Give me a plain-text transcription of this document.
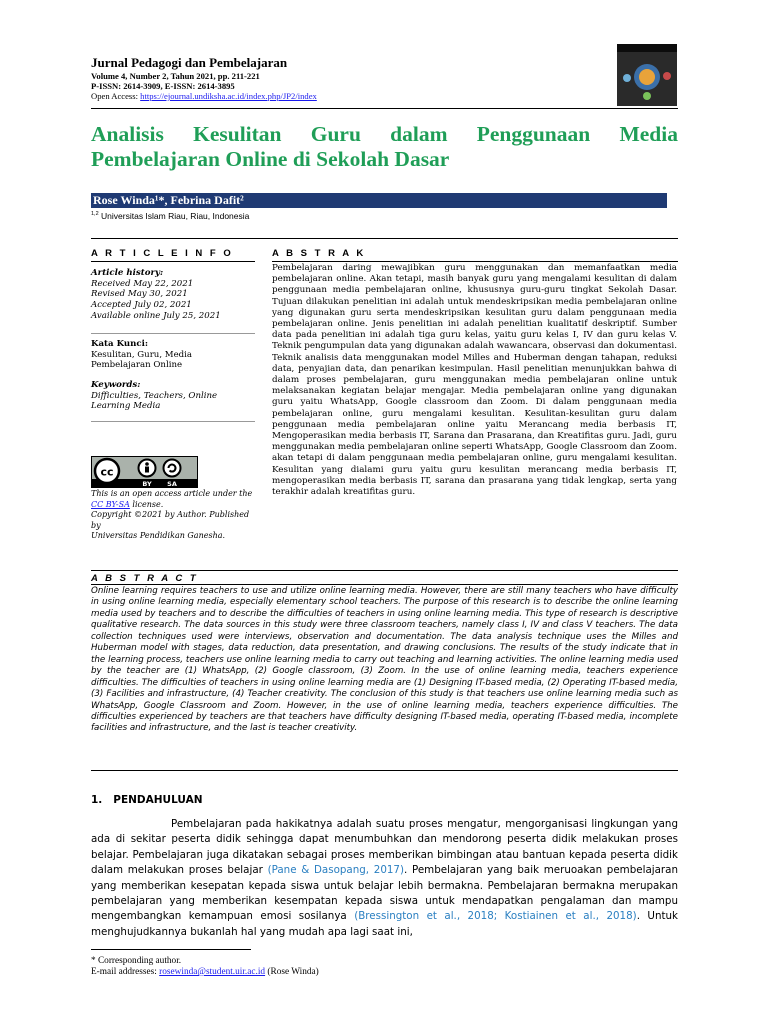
Jurnal Pedagogi dan Pembelajaran
Volume 4, Number 2, Tahun 2021, pp. 211-221
P-ISSN: 2614-3909, E-ISSN: 2614-3895
Open Access: https://ejournal.undiksha.ac.id/index.php/JP2/index
Analisis Kesulitan Guru dalam Penggunaan Media
Pembelajaran Online di Sekolah Dasar
Rose Winda¹*, Febrina Dafit²
$^{1,2}$ Universitas Islam Riau, Riau, Indonesia
A R T I C L E I N F O	A B S T R A K
Article history:
Received May 22, 2021
Revised May 30, 2021
Accepted July 02, 2021
Available online July 25, 2021
Kata Kunci:
Kesulitan, Guru, Media
Pembelajaran Online
Keywords:
Difficulties, Teachers, Online
Learning Media
cc
BY SA
This is an open access article under the
CC BY-SA license.
Copyright ©2021 by Author. Published by
Universitas Pendidikan Ganesha.
Pembelajaran daring mewajibkan guru menggunakan dan memanfaatkan media pembelajaran online. Akan tetapi, masih banyak guru yang mengalami kesulitan di dalam penggunaan media pembelajaran online, khususnya guru-guru tingkat Sekolah Dasar. Tujuan dilakukan penelitian ini adalah untuk mendeskripsikan media pembelajaran online yang digunakan guru serta mendeskripsikan kesulitan guru dalam penggunaan media pembelajaran online. Jenis penelitian ini adalah penelitian kualitatif deskriptif. Sumber data pada penelitian ini adalah tiga guru kelas, yaitu guru kelas I, IV dan guru kelas V. Teknik pengumpulan data yang digunakan adalah wawancara, observasi dan dokumentasi. Teknik analisis data menggunakan model Milles and Huberman dengan tahapan, reduksi data, penyajian data, dan penarikan kesimpulan. Hasil penelitian menunjukkan bahwa di dalam proses pembelajaran, guru menggunakan media pembelajaran online untuk melaksanakan kegiatan belajar mengajar. Media pembelajaran online yang digunakan guru yaitu WhatsApp, Google classroom dan Zoom. Di dalam penggunaan media pembelajaran online, guru mengalami kesulitan. Kesulitan-kesulitan guru dalam penggunaan media pembelajaran online yaitu Merancang media berbasis IT, Mengoperasikan media berbasis IT, Sarana dan Prasarana, dan Kreatifitas guru. Jadi, guru menggunakan media pembelajaran online seperti WhatsApp, Google Classroom dan Zoom. akan tetapi di dalam penggunaan media pembelajaran online, guru mengalami kesulitan. Kesulitan yang dialami guru yaitu guru kesulitan merancang media berbasis IT, mengoperasikan media berbasis IT, sarana dan prasarana yang tidak lengkap, serta yang terakhir adalah kreatifitas guru.
A B S T R A C T
Online learning requires teachers to use and utilize online learning media. However, there are still many teachers who have difficulty in using online learning media, especially elementary school teachers. The purpose of this research is to describe the online learning media used by teachers and to describe the difficulties of teachers in using online learning media. This type of research is descriptive qualitative research. The data sources in this study were three classroom teachers, namely class I, IV and class V teachers. The data collection techniques used were interviews, observation and documentation. The data analysis technique uses the Milles and Huberman model with stages, data reduction, data presentation, and drawing conclusions. The results of the study indicate that in the learning process, teachers use online learning media to carry out teaching and learning activities. The online learning media used by the teacher are (1) WhatsApp, (2) Google classroom, (3) Zoom. In the use of online learning media, teachers experience difficulties. The difficulties of teachers in using online learning media are (1) Designing IT-based media, (2) Operating IT-based media, (3) Facilities and infrastructure, (4) Teacher creativity. The conclusion of this study is that teachers use online learning media such as WhatsApp, Google Classroom and Zoom. However, in the use of online learning media, teachers experience difficulties. The difficulties experienced by teachers are that teachers have difficulty designing IT-based media, operating IT-based media, incomplete facilities and infrastructure, and the last is teacher creativity.
1.   PENDAHULUAN
Pembelajaran pada hakikatnya adalah suatu proses mengatur, mengorganisasi lingkungan yang ada di sekitar peserta didik sehingga dapat menumbuhkan dan mendorong peserta didik melakukan proses belajar. Pembelajaran juga dikatakan sebagai proses memberikan bimbingan atau bantuan kepada peserta didik dalam melakukan proses belajar (Pane & Dasopang, 2017). Pembelajaran yang baik meruoakan pembelajaran yang memberikan kesepatan kepada siswa untuk belajar lebih bermakna. Pembelajaran bermakna merupakan pembelajaran yang memberikan kesempatan kepada siswa untuk mendapatkan pengalaman dan mampu mengembangkan kemampuan emosi sosilanya (Bressington et al., 2018; Kostiainen et al., 2018). Untuk menghujudkannya bukanlah hal yang mudah apa lagi saat ini,
* Corresponding author.
E-mail addresses: rosewinda@student.uir.ac.id (Rose Winda)
